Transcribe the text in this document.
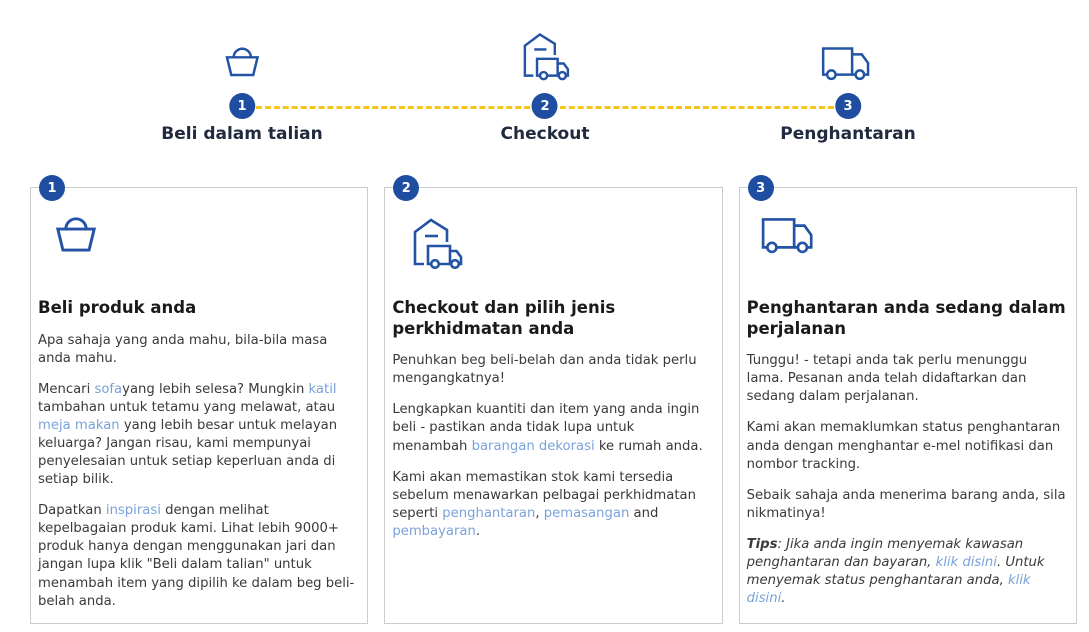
1
Beli dalam talian
2
Checkout
3
Penghantaran
1
Beli produk anda

Apa sahaja yang anda mahu, bila-bila masa anda mahu.

Mencari sofayang lebih selesa? Mungkin katil tambahan untuk tetamu yang melawat, atau meja makan yang lebih besar untuk melayan keluarga? Jangan risau, kami mempunyai penyelesaian untuk setiap keperluan anda di setiap bilik.

Dapatkan inspirasi dengan melihat kepelbagaian produk kami. Lihat lebih 9000+ produk hanya dengan menggunakan jari dan jangan lupa klik "Beli dalam talian" untuk menambah item yang dipilih ke dalam beg beli-belah anda.

2
Checkout dan pilih jenis perkhidmatan anda

Penuhkan beg beli-belah dan anda tidak perlu mengangkatnya!

Lengkapkan kuantiti dan item yang anda ingin beli - pastikan anda tidak lupa untuk menambah barangan dekorasi ke rumah anda.

Kami akan memastikan stok kami tersedia sebelum menawarkan pelbagai perkhidmatan seperti penghantaran, pemasangan and pembayaran.

3
Penghantaran anda sedang dalam perjalanan

Tunggu! - tetapi anda tak perlu menunggu lama. Pesanan anda telah didaftarkan dan sedang dalam perjalanan.

Kami akan memaklumkan status penghantaran anda dengan menghantar e-mel notifikasi dan nombor tracking.

Sebaik sahaja anda menerima barang anda, sila nikmatinya!

Tips: Jika anda ingin menyemak kawasan penghantaran dan bayaran, klik disini. Untuk menyemak status penghantaran anda, klik disini.
